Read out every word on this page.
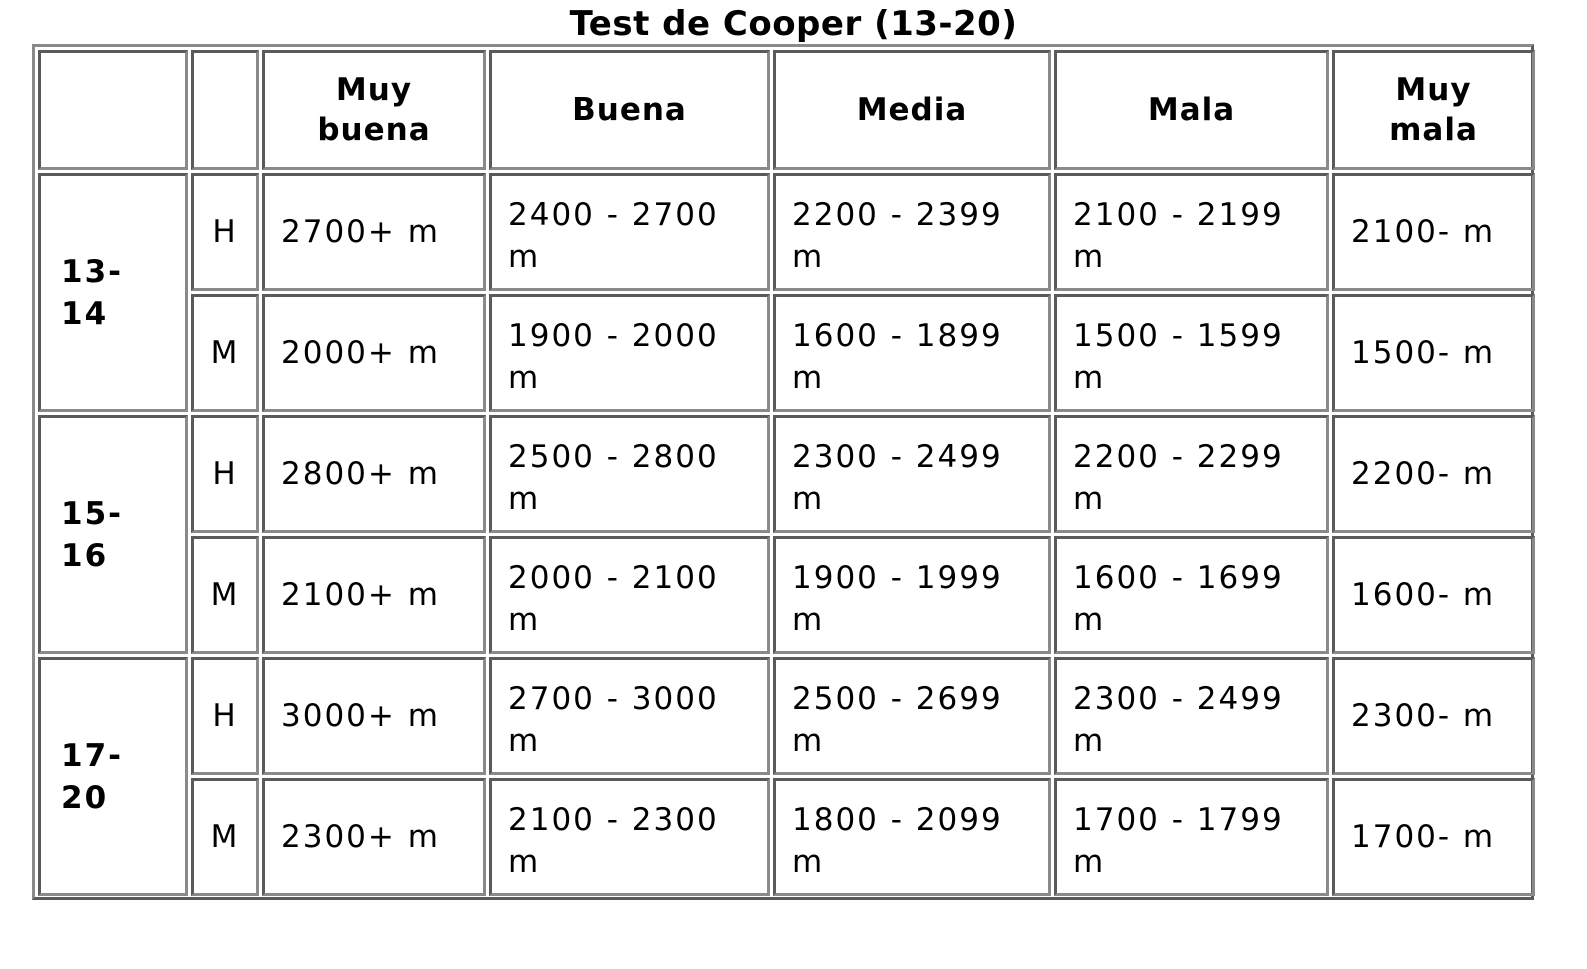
Test de Cooper (13-20)
		Muy buena	Buena	Media	Mala	Muy mala
13-14	H	2700+ m	2400 - 2700 m	2200 - 2399 m	2100 - 2199 m	2100- m
	M	2000+ m	1900 - 2000 m	1600 - 1899 m	1500 - 1599 m	1500- m
15-16	H	2800+ m	2500 - 2800 m	2300 - 2499 m	2200 - 2299 m	2200- m
	M	2100+ m	2000 - 2100 m	1900 - 1999 m	1600 - 1699 m	1600- m
17-20	H	3000+ m	2700 - 3000 m	2500 - 2699 m	2300 - 2499 m	2300- m
	M	2300+ m	2100 - 2300 m	1800 - 2099 m	1700 - 1799 m	1700- m
